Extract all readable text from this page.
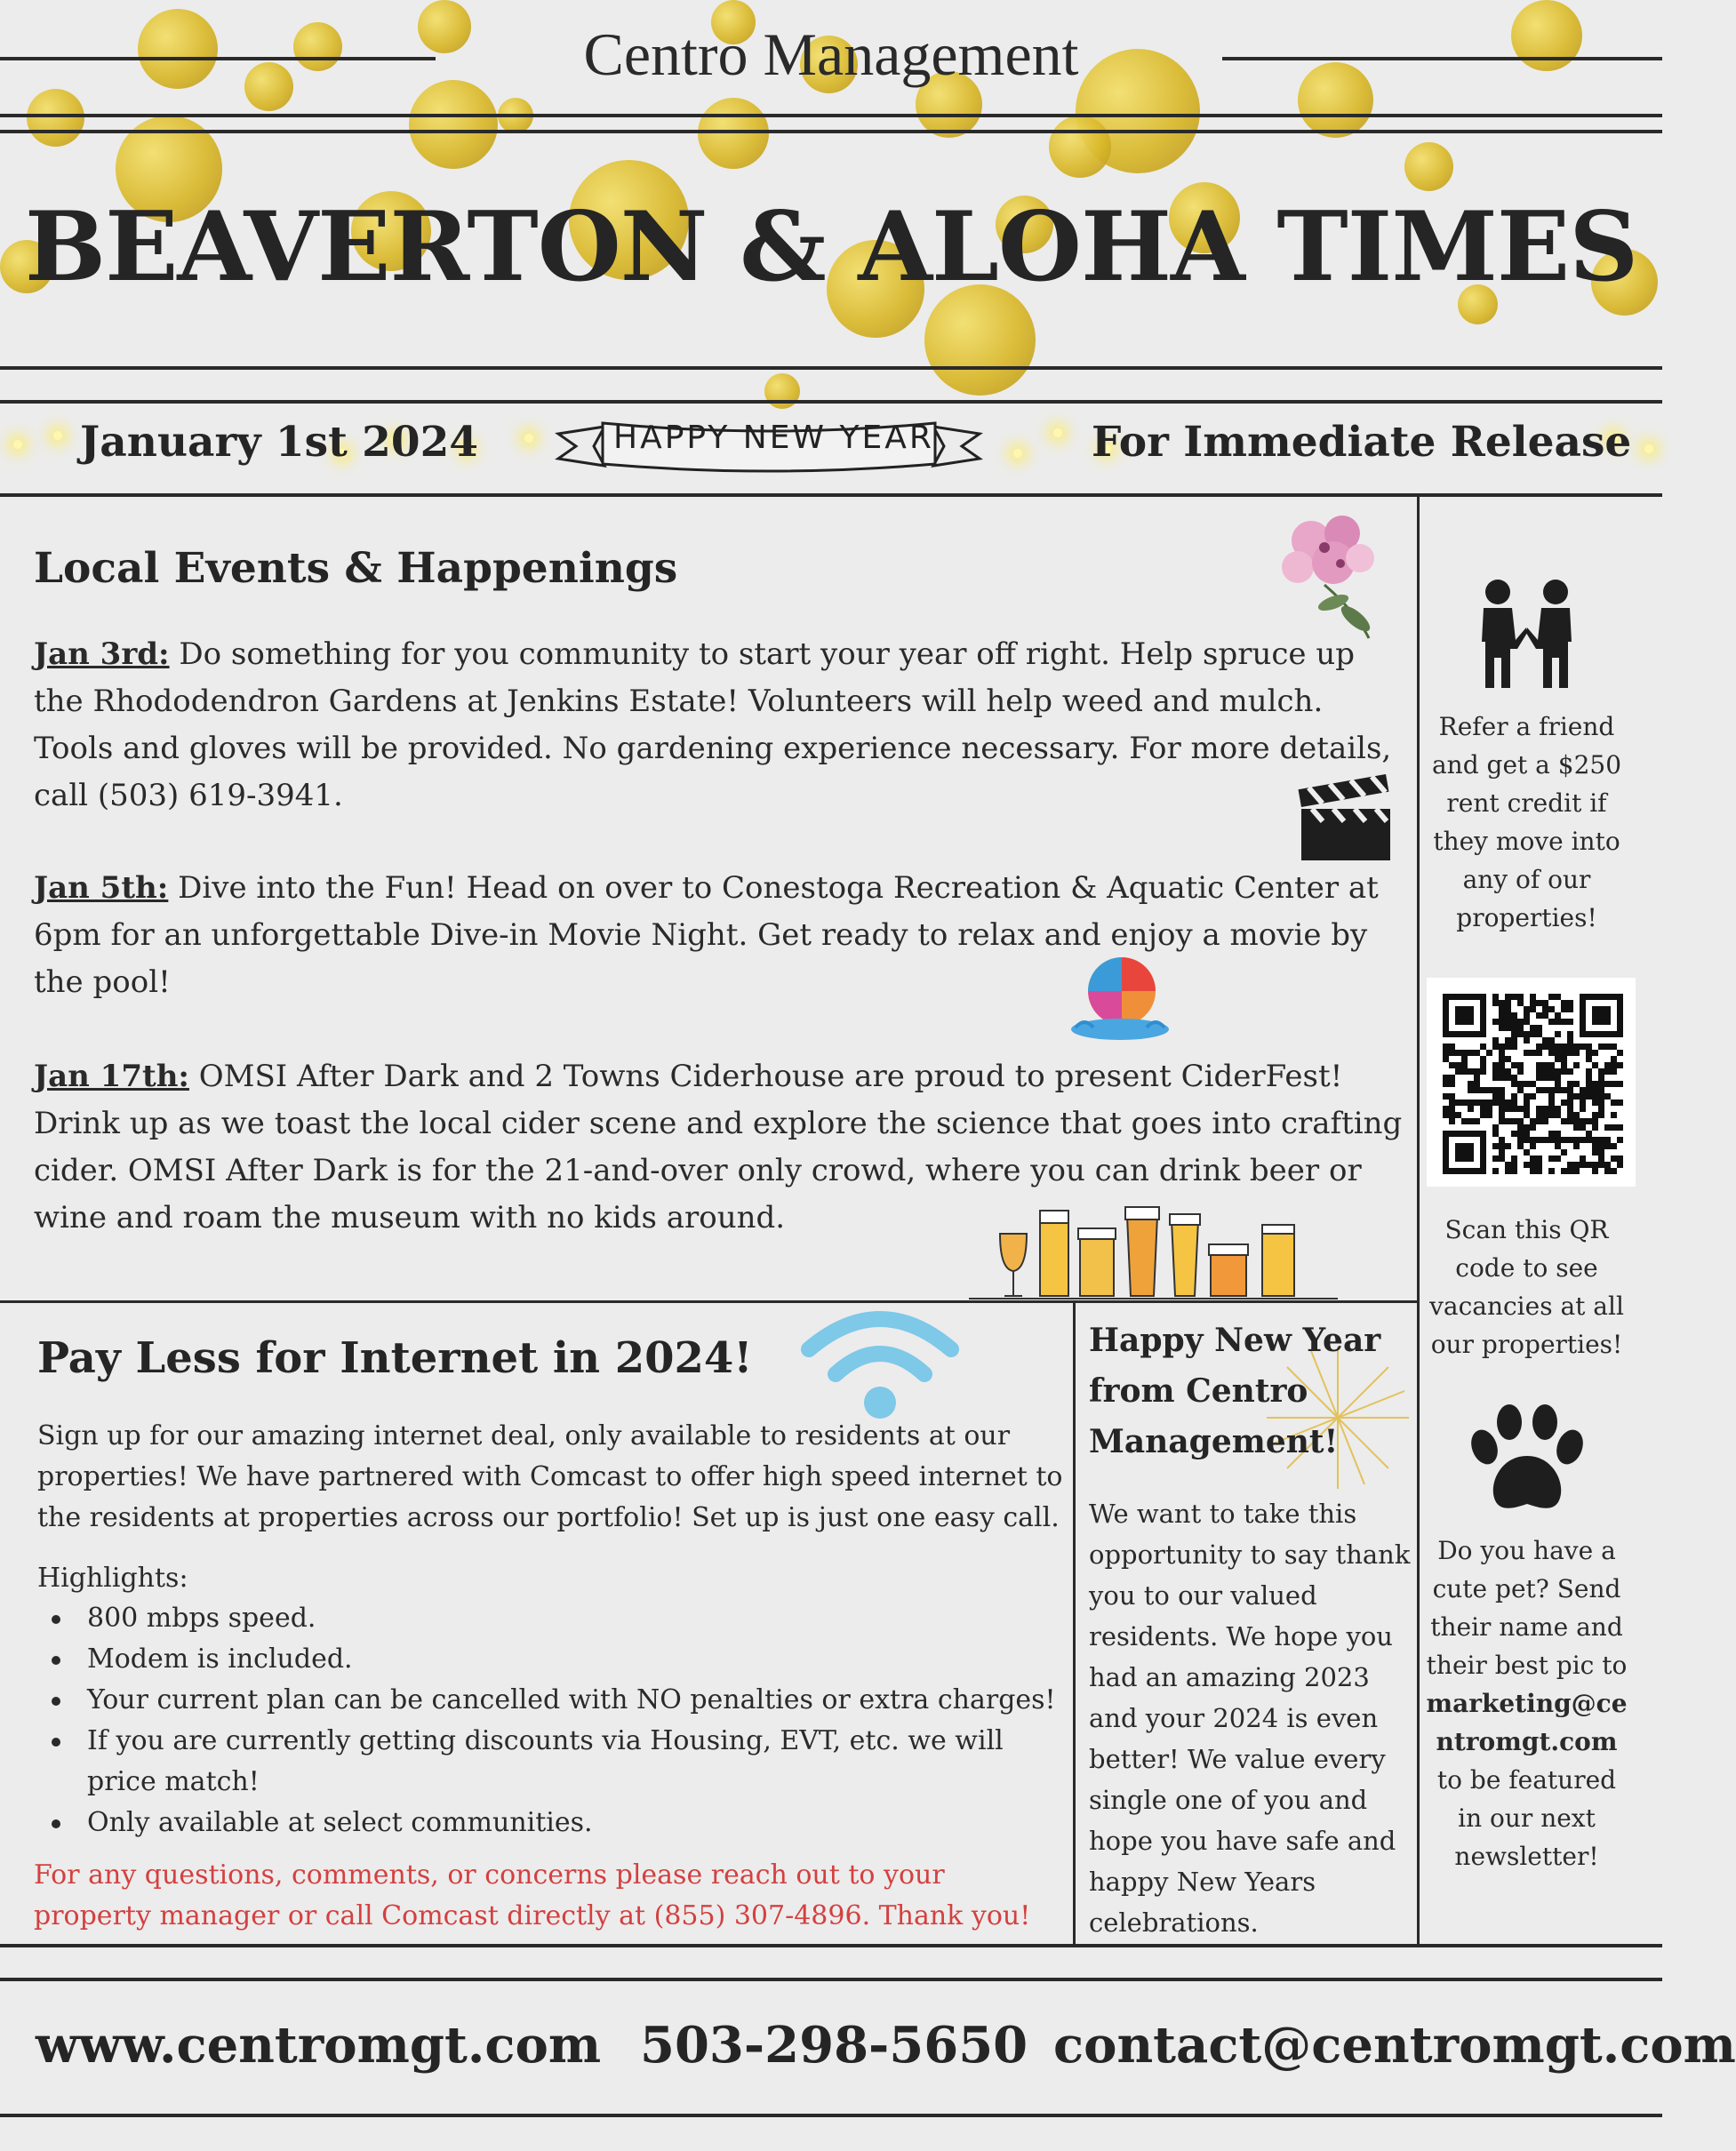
Centro Management
BEAVERTON & ALOHA TIMES
January 1st 2024	HAPPY NEW YEAR	For Immediate Release
Local Events & Happenings
Jan 3rd: Do something for you community to start your year off right. Help spruce up the Rhododendron Gardens at Jenkins Estate! Volunteers will help weed and mulch. Tools and gloves will be provided. No gardening experience necessary. For more details, call (503) 619-3941.
Jan 5th: Dive into the Fun! Head on over to Conestoga Recreation & Aquatic Center at 6pm for an unforgettable Dive-in Movie Night. Get ready to relax and enjoy a movie by the pool!
Jan 17th: OMSI After Dark and 2 Towns Ciderhouse are proud to present CiderFest! Drink up as we toast the local cider scene and explore the science that goes into crafting cider. OMSI After Dark is for the 21-and-over only crowd, where you can drink beer or wine and roam the museum with no kids around.
Pay Less for Internet in 2024!
Sign up for our amazing internet deal, only available to residents at our properties! We have partnered with Comcast to offer high speed internet to the residents at properties across our portfolio! Set up is just one easy call.
Highlights:
800 mbps speed.
Modem is included.
Your current plan can be cancelled with NO penalties or extra charges!
If you are currently getting discounts via Housing, EVT, etc. we will price match!
Only available at select communities.
For any questions, comments, or concerns please reach out to your property manager or call Comcast directly at (855) 307-4896. Thank you!
Happy New Year from Centro Management!
We want to take this opportunity to say thank you to our valued residents. We hope you had an amazing 2023 and your 2024 is even better! We value every single one of you and hope you have safe and happy New Years celebrations.
Refer a friend and get a $250 rent credit if they move into any of our properties!
Scan this QR code to see vacancies at all our properties!
Do you have a cute pet? Send their name and their best pic to marketing@centromgt.com to be featured in our next newsletter!
www.centromgt.com 503-298-5650 contact@centromgt.com
